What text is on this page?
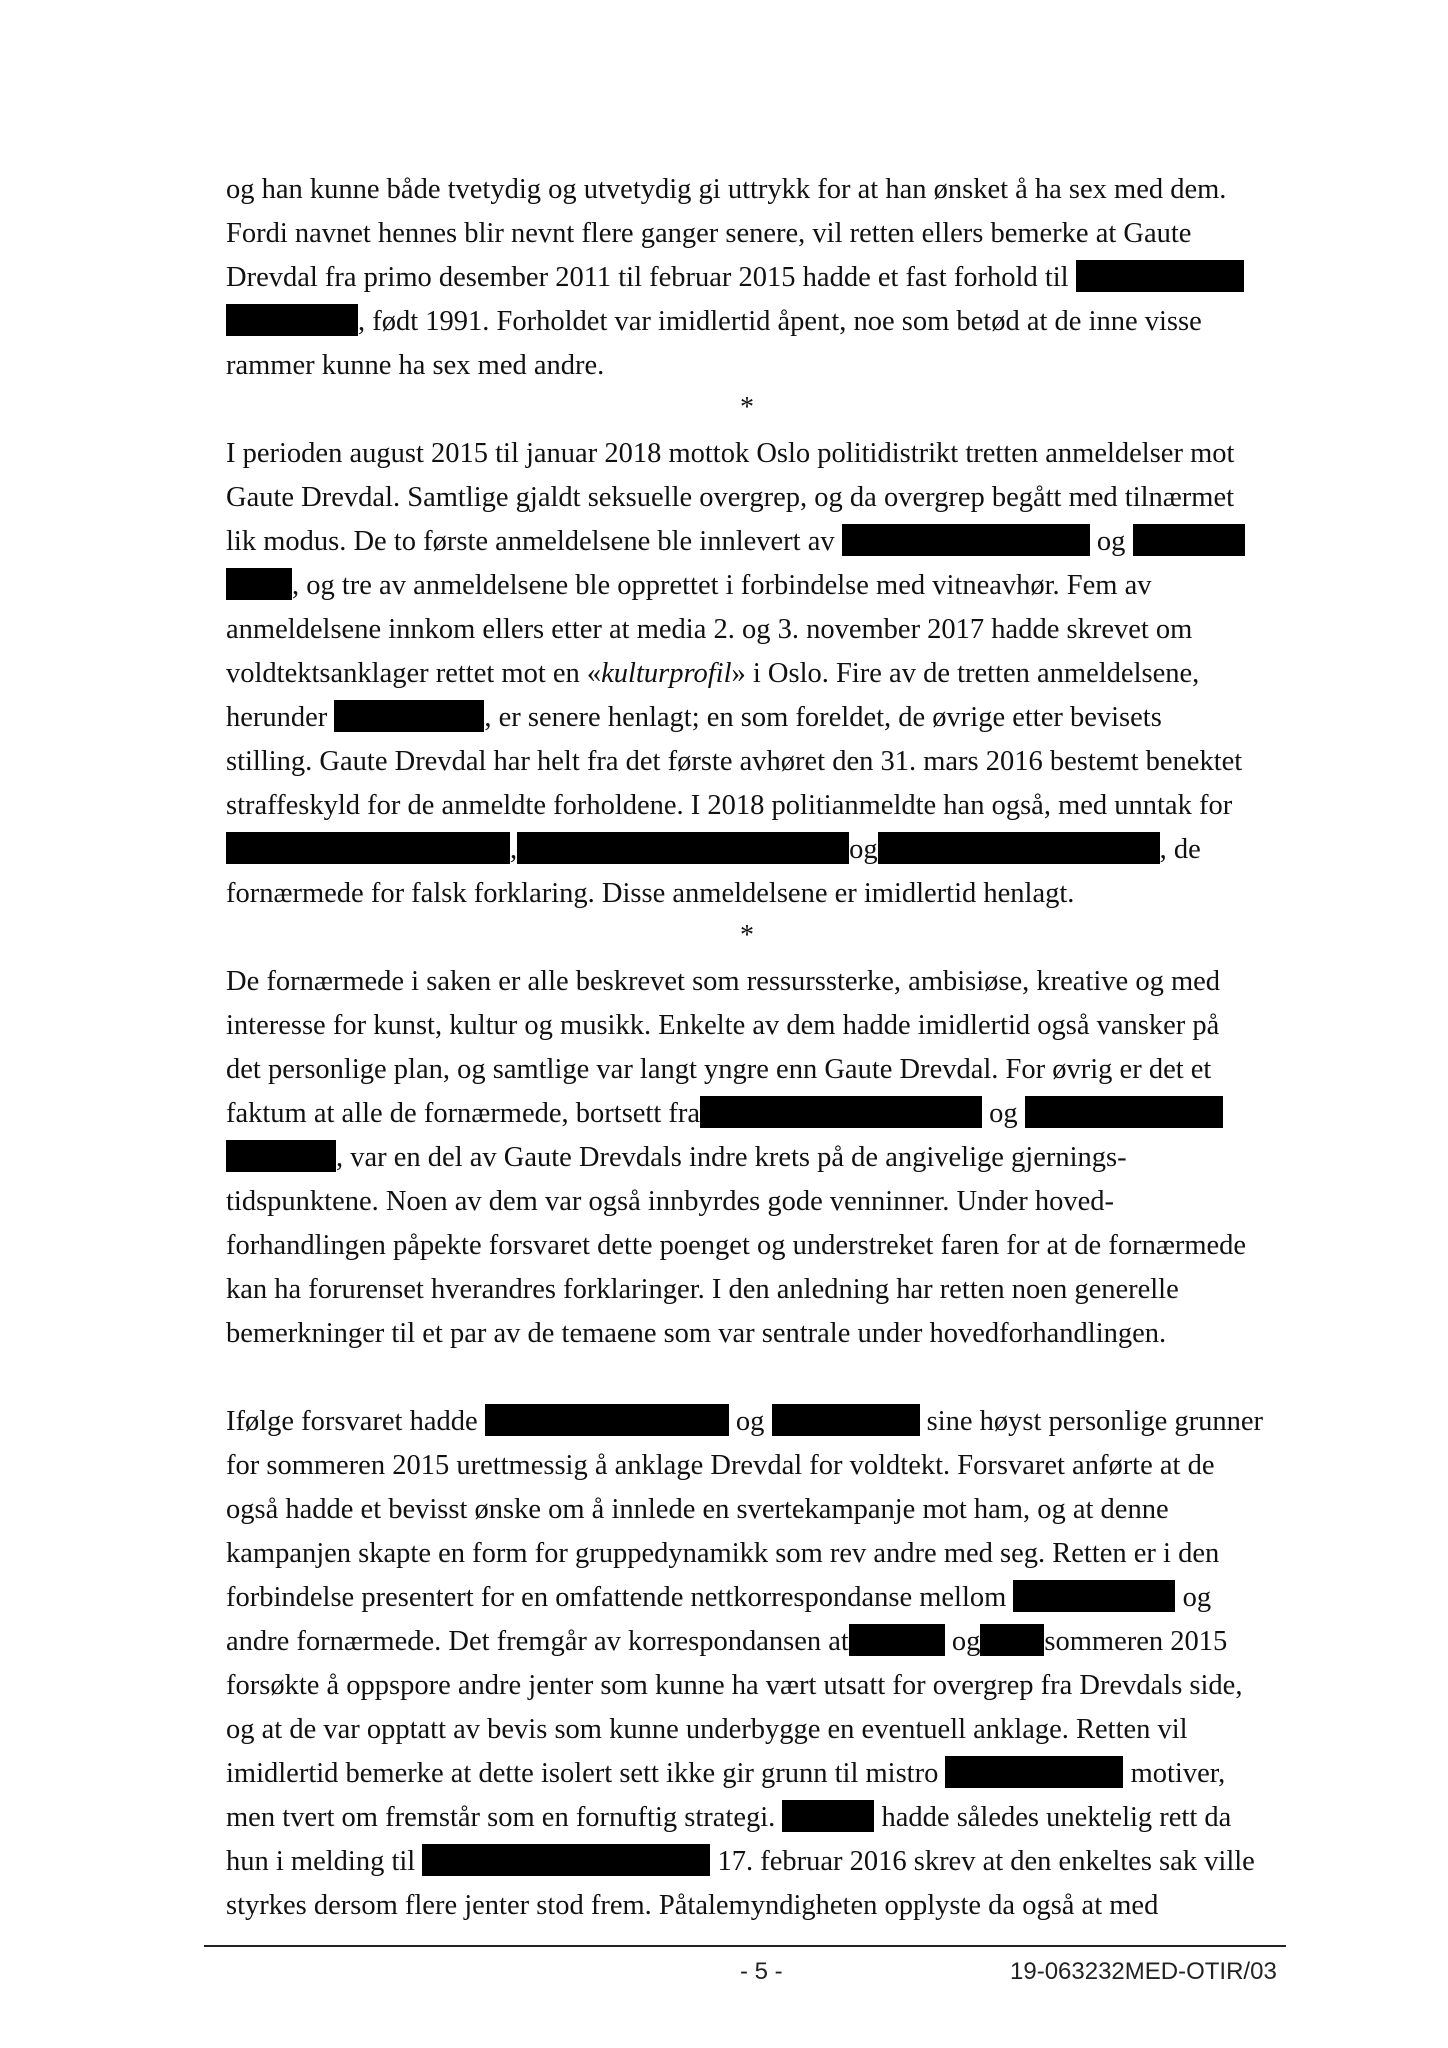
og han kunne både tvetydig og utvetydig gi uttrykk for at han ønsket å ha sex med dem.
Fordi navnet hennes blir nevnt flere ganger senere, vil retten ellers bemerke at Gaute
Drevdal fra primo desember 2011 til februar 2015 hadde et fast forhold til
, født 1991. Forholdet var imidlertid åpent, noe som betød at de inne visse
rammer kunne ha sex med andre.
*
I perioden august 2015 til januar 2018 mottok Oslo politidistrikt tretten anmeldelser mot
Gaute Drevdal. Samtlige gjaldt seksuelle overgrep, og da overgrep begått med tilnærmet
lik modus. De to første anmeldelsene ble innlevert av	og
, og tre av anmeldelsene ble opprettet i forbindelse med vitneavhør. Fem av
anmeldelsene innkom ellers etter at media 2. og 3. november 2017 hadde skrevet om
voldtektsanklager rettet mot en «kulturprofil» i Oslo. Fire av de tretten anmeldelsene,
herunder	, er senere henlagt; en som foreldet, de øvrige etter bevisets
stilling. Gaute Drevdal har helt fra det første avhøret den 31. mars 2016 bestemt benektet
straffeskyld for de anmeldte forholdene. I 2018 politianmeldte han også, med unntak for
,	og	, de
fornærmede for falsk forklaring. Disse anmeldelsene er imidlertid henlagt.
*
De fornærmede i saken er alle beskrevet som ressurssterke, ambisiøse, kreative og med
interesse for kunst, kultur og musikk. Enkelte av dem hadde imidlertid også vansker på
det personlige plan, og samtlige var langt yngre enn Gaute Drevdal. For øvrig er det et
faktum at alle de fornærmede, bortsett fra	og
, var en del av Gaute Drevdals indre krets på de angivelige gjernings-
tidspunktene. Noen av dem var også innbyrdes gode venninner. Under hoved-
forhandlingen påpekte forsvaret dette poenget og understreket faren for at de fornærmede
kan ha forurenset hverandres forklaringer. I den anledning har retten noen generelle
bemerkninger til et par av de temaene som var sentrale under hovedforhandlingen.
Ifølge forsvaret hadde	og	sine høyst personlige grunner
for sommeren 2015 urettmessig å anklage Drevdal for voldtekt. Forsvaret anførte at de
også hadde et bevisst ønske om å innlede en svertekampanje mot ham, og at denne
kampanjen skapte en form for gruppedynamikk som rev andre med seg. Retten er i den
forbindelse presentert for en omfattende nettkorrespondanse mellom	og
andre fornærmede. Det fremgår av korrespondansen at	og sommeren 2015
forsøkte å oppspore andre jenter som kunne ha vært utsatt for overgrep fra Drevdals side,
og at de var opptatt av bevis som kunne underbygge en eventuell anklage. Retten vil
imidlertid bemerke at dette isolert sett ikke gir grunn til mistro	motiver,
men tvert om fremstår som en fornuftig strategi.	hadde således unektelig rett da
hun i melding til	17. februar 2016 skrev at den enkeltes sak ville
styrkes dersom flere jenter stod frem. Påtalemyndigheten opplyste da også at med
- 5 -	19-063232MED-OTIR/03
